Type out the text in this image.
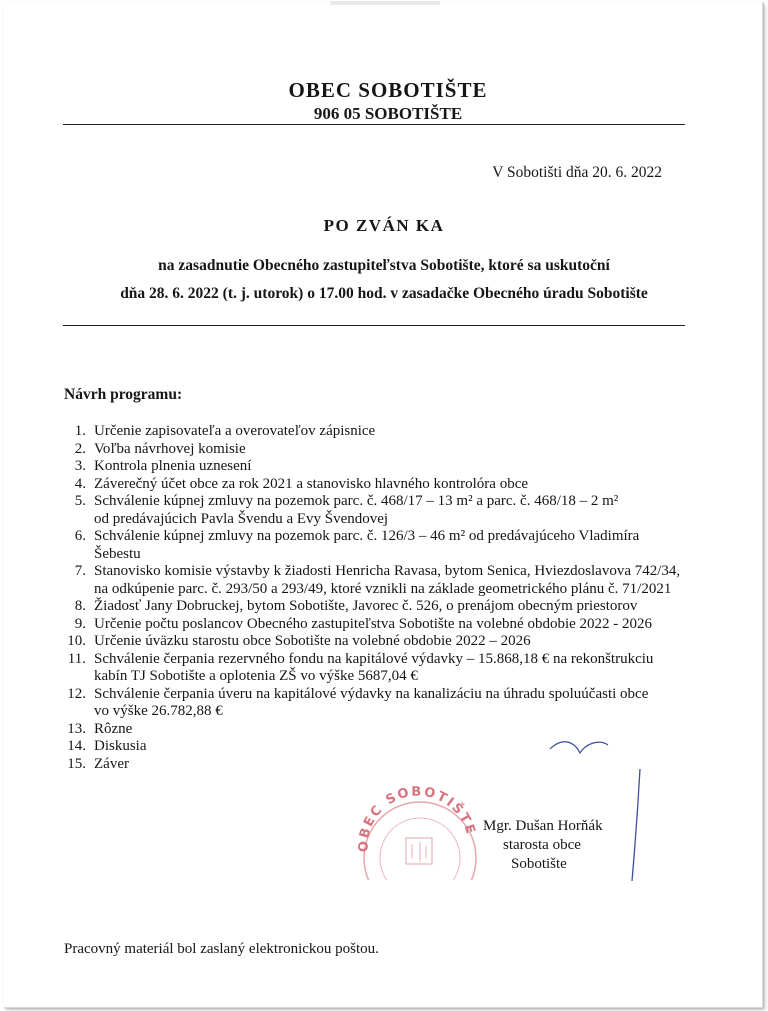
OBEC SOBOTIŠTE
906 05 SOBOTIŠTE
V Sobotišti dňa 20. 6. 2022
PO ZVÁN KA
na zasadnutie Obecného zastupiteľstva Sobotište, ktoré sa uskutoční
dňa 28. 6. 2022 (t. j. utorok) o 17.00 hod. v zasadačke Obecného úradu Sobotište
Návrh programu:
1. Určenie zapisovateľa a overovateľov zápisnice
2. Voľba návrhovej komisie
3. Kontrola plnenia uznesení
4. Záverečný účet obce za rok 2021 a stanovisko hlavného kontrolóra obce
5. Schválenie kúpnej zmluvy na pozemok parc. č. 468/17 – 13 m² a parc. č. 468/18 – 2 m²
od predávajúcich Pavla Švendu a Evy Švendovej
6. Schválenie kúpnej zmluvy na pozemok parc. č. 126/3 – 46 m² od predávajúceho Vladimíra
Šebestu
7. Stanovisko komisie výstavby k žiadosti Henricha Ravasa, bytom Senica, Hviezdoslavova 742/34,
na odkúpenie parc. č. 293/50 a 293/49, ktoré vznikli na základe geometrického plánu č. 71/2021
8. Žiadosť Jany Dobruckej, bytom Sobotište, Javorec č. 526, o prenájom obecným priestorov
9. Určenie počtu poslancov Obecného zastupiteľstva Sobotište na volebné obdobie 2022 - 2026
10. Určenie úväzku starostu obce Sobotište na volebné obdobie 2022 – 2026
11. Schválenie čerpania rezervného fondu na kapitálové výdavky – 15.868,18 € na rekonštrukciu
kabín TJ Sobotište a oplotenia ZŠ vo výške 5687,04 €
12. Schválenie čerpania úveru na kapitálové výdavky na kanalizáciu na úhradu spoluúčasti obce
vo výške 26.782,88 €
13. Rôzne
14. Diskusia
15. Záver
OBEC SOBOTIŠTE Mgr. Dušan Horňák
starosta obce
Sobotište
Pracovný materiál bol zaslaný elektronickou poštou.
